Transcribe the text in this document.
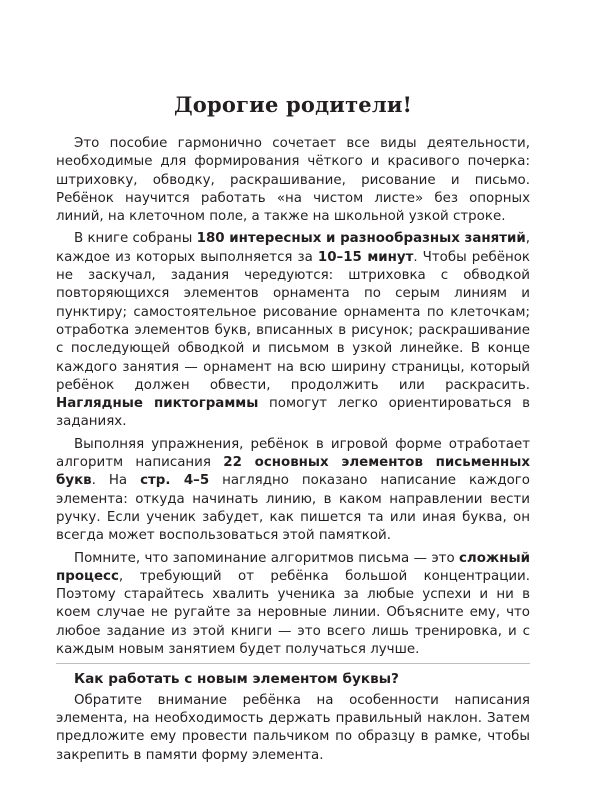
Дорогие родители!

Это пособие гармонично сочетает все виды деятельности, необходимые для формирования чёткого и красивого почерка: штриховку, обводку, раскрашивание, рисование и письмо. Ребёнок научится работать «на чистом листе» без опорных линий, на клеточном поле, а также на школьной узкой строке.

В книге собраны 180 интересных и разнообразных занятий, каждое из которых выполняется за 10–15 минут. Чтобы ребёнок не заскучал, задания чередуются: штриховка с обводкой повторяющихся элементов орнамента по серым линиям и пунктиру; самостоятельное рисование орнамента по клеточкам; отработка элементов букв, вписанных в рисунок; раскрашивание с последующей обводкой и письмом в узкой линейке. В конце каждого занятия — орнамент на всю ширину страницы, который ребёнок должен обвести, продолжить или раскрасить. Наглядные пиктограммы помогут легко ориентироваться в заданиях.

Выполняя упражнения, ребёнок в игровой форме отработает алгоритм написания 22 основных элементов письменных букв. На стр. 4–5 наглядно показано написание каждого элемента: откуда начинать линию, в каком направлении вести ручку. Если ученик забудет, как пишется та или иная буква, он всегда может воспользоваться этой памяткой.

Помните, что запоминание алгоритмов письма — это сложный процесс, требующий от ребёнка большой концентрации. Поэтому старайтесь хвалить ученика за любые успехи и ни в коем случае не ругайте за неровные линии. Объясните ему, что любое задание из этой книги — это всего лишь тренировка, и с каждым новым занятием будет получаться лучше.

Как работать с новым элементом буквы?

Обратите внимание ребёнка на особенности написания элемента, на необходимость держать правильный наклон. Затем предложите ему провести пальчиком по образцу в рамке, чтобы закрепить в памяти форму элемента.
